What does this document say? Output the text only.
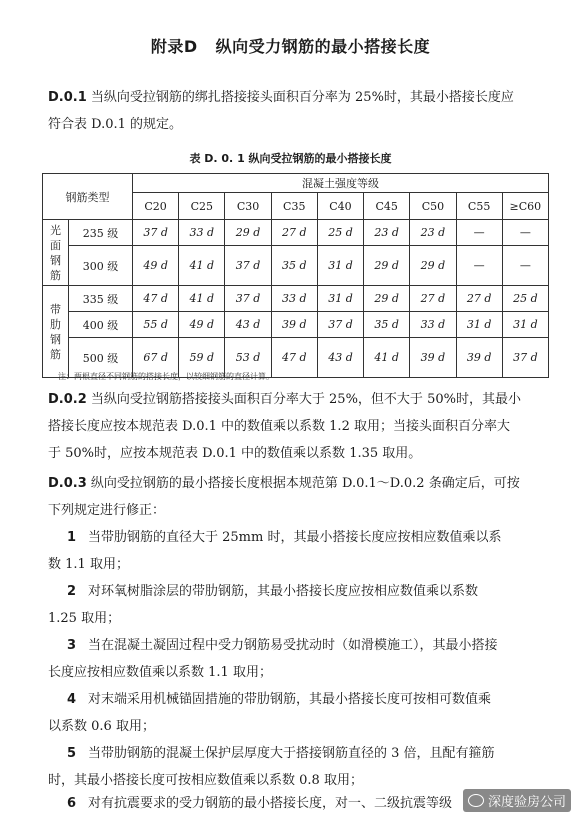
附录D 纵向受力钢筋的最小搭接长度
D.0.1 当纵向受拉钢筋的绑扎搭接接头面积百分率为 25%时，其最小搭接长度应
符合表 D.0.1 的规定。
表 D. 0. 1 纵向受拉钢筋的最小搭接长度
钢筋类型		混凝土强度等级								
		C20	C25	C30	C35	C40	C45	C50	C55	≥C60

光面钢筋	235 级	37 d	33 d	29 d	27 d	25 d	23 d	23 d	—	—
	300 级	49 d	41 d	37 d	35 d	31 d	29 d	29 d	—	—

带肋钢筋	335 级	47 d	41 d	37 d	33 d	31 d	29 d	27 d	27 d	25 d
	400 级	55 d	49 d	43 d	39 d	37 d	35 d	33 d	31 d	31 d
	500 级	67 d	59 d	53 d	47 d	43 d	41 d	39 d	39 d	37 d
注：两根直径不同钢筋的搭接长度，以较细钢筋的直径计算。
D.0.2 当纵向受拉钢筋搭接接头面积百分率大于 25%，但不大于 50%时，其最小
搭接长度应按本规范表 D.0.1 中的数值乘以系数 1.2 取用；当接头面积百分率大
于 50%时，应按本规范表 D.0.1 中的数值乘以系数 1.35 取用。
D.0.3 纵向受拉钢筋的最小搭接长度根据本规范第 D.0.1～D.0.2 条确定后，可按
下列规定进行修正：
1 当带肋钢筋的直径大于 25mm 时，其最小搭接长度应按相应数值乘以系
数 1.1 取用；
2 对环氧树脂涂层的带肋钢筋，其最小搭接长度应按相应数值乘以系数
1.25 取用；
3 当在混凝土凝固过程中受力钢筋易受扰动时（如滑模施工），其最小搭接
长度应按相应数值乘以系数 1.1 取用；
4 对末端采用机械锚固措施的带肋钢筋，其最小搭接长度可按相可数值乘
以系数 0.6 取用；
5 当带肋钢筋的混凝土保护层厚度大于搭接钢筋直径的 3 倍，且配有箍筋
时，其最小搭接长度可按相应数值乘以系数 0.8 取用；
6 对有抗震要求的受力钢筋的最小搭接长度，对一、二级抗震等级	深度验房公司
